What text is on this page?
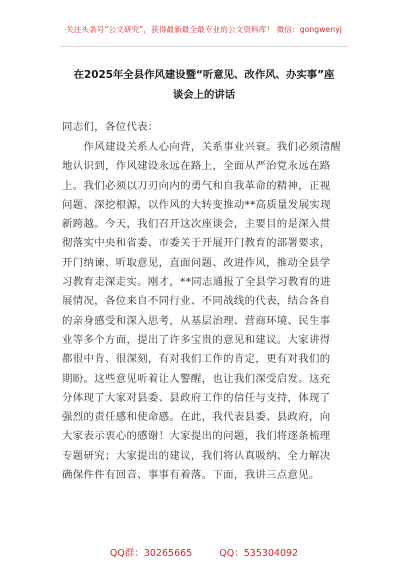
关注头条号“公文研究”，获得最新最全最专业的公文资料库！ 微信：gongwenyj
在2025年全县作风建设暨“听意见、改作风、办实事”座
谈会上的讲话
同志们，各位代表：
　　作风建设关系人心向背，关系事业兴衰。我们必须清醒
地认识到，作风建设永远在路上，全面从严治党永远在路
上。我们必须以刀刃向内的勇气和自我革命的精神，正视
问题、深挖根源，以作风的大转变推动**高质量发展实现
新跨越。今天，我们召开这次座谈会，主要目的是深入贯
彻落实中央和省委、市委关于开展开门教育的部署要求，
开门纳谏、听取意见，直面问题、改进作风，推动全县学
习教育走深走实。刚才，**同志通报了全县学习教育的进
展情况，各位来自不同行业、不同战线的代表，结合各自
的亲身感受和深入思考，从基层治理、营商环境、民生事
业等多个方面，提出了许多宝贵的意见和建议。大家讲得
都很中肯、很深刻，有对我们工作的肯定，更有对我们的
期盼。这些意见听着让人警醒，也让我们深受启发。这充
分体现了大家对县委、县政府工作的信任与支持，体现了
强烈的责任感和使命感。在此，我代表县委、县政府，向
大家表示衷心的感谢！大家提出的问题，我们将逐条梳理
专题研究；大家提出的建议，我们将认真吸纳、全力解决
确保件件有回音、事事有着落。下面，我讲三点意见。
QQ群：30265665	QQ：535304092
